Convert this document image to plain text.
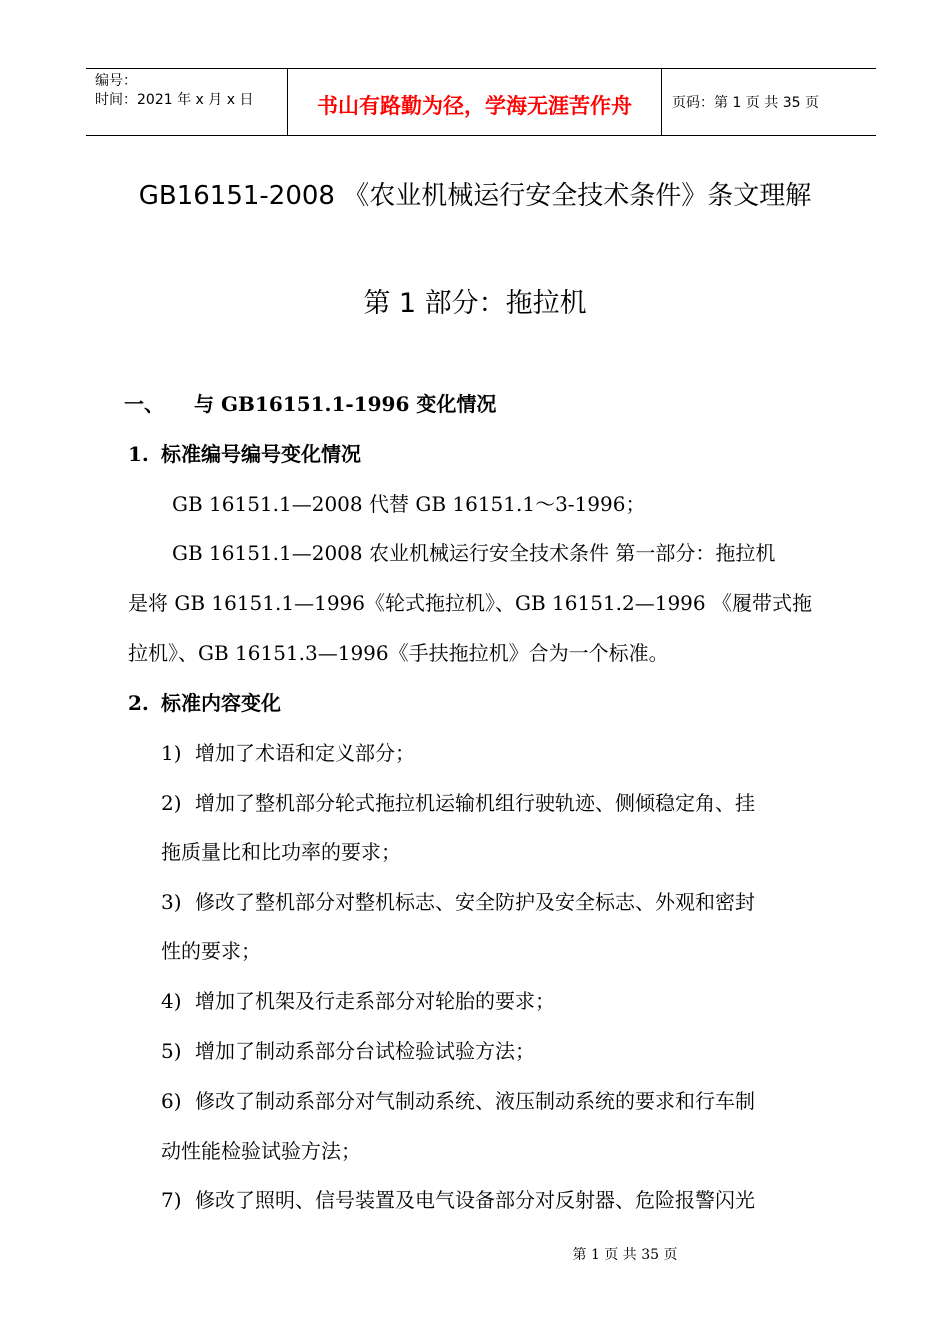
编号：
时间：2021 年 x 月 x 日	书山有路勤为径，学海无涯苦作舟	页码：第 1 页 共 35 页
GB16151-2008 《农业机械运行安全技术条件》条文理解
第 1 部分：拖拉机
一、 与 GB16151.1-1996 变化情况
1. 标准编号编号变化情况
GB 16151.1—2008 代替 GB 16151.1～3-1996；
GB 16151.1—2008 农业机械运行安全技术条件 第一部分：拖拉机
是将 GB 16151.1—1996《轮式拖拉机》、GB 16151.2—1996 《履带式拖
拉机》、GB 16151.3—1996《手扶拖拉机》合为一个标准。
2. 标准内容变化
1) 增加了术语和定义部分；
2) 增加了整机部分轮式拖拉机运输机组行驶轨迹、侧倾稳定角、挂
拖质量比和比功率的要求；
3) 修改了整机部分对整机标志、安全防护及安全标志、外观和密封
性的要求；
4) 增加了机架及行走系部分对轮胎的要求；
5) 增加了制动系部分台试检验试验方法；
6) 修改了制动系部分对气制动系统、液压制动系统的要求和行车制
动性能检验试验方法；
7) 修改了照明、信号装置及电气设备部分对反射器、危险报警闪光
第 1 页 共 35 页
